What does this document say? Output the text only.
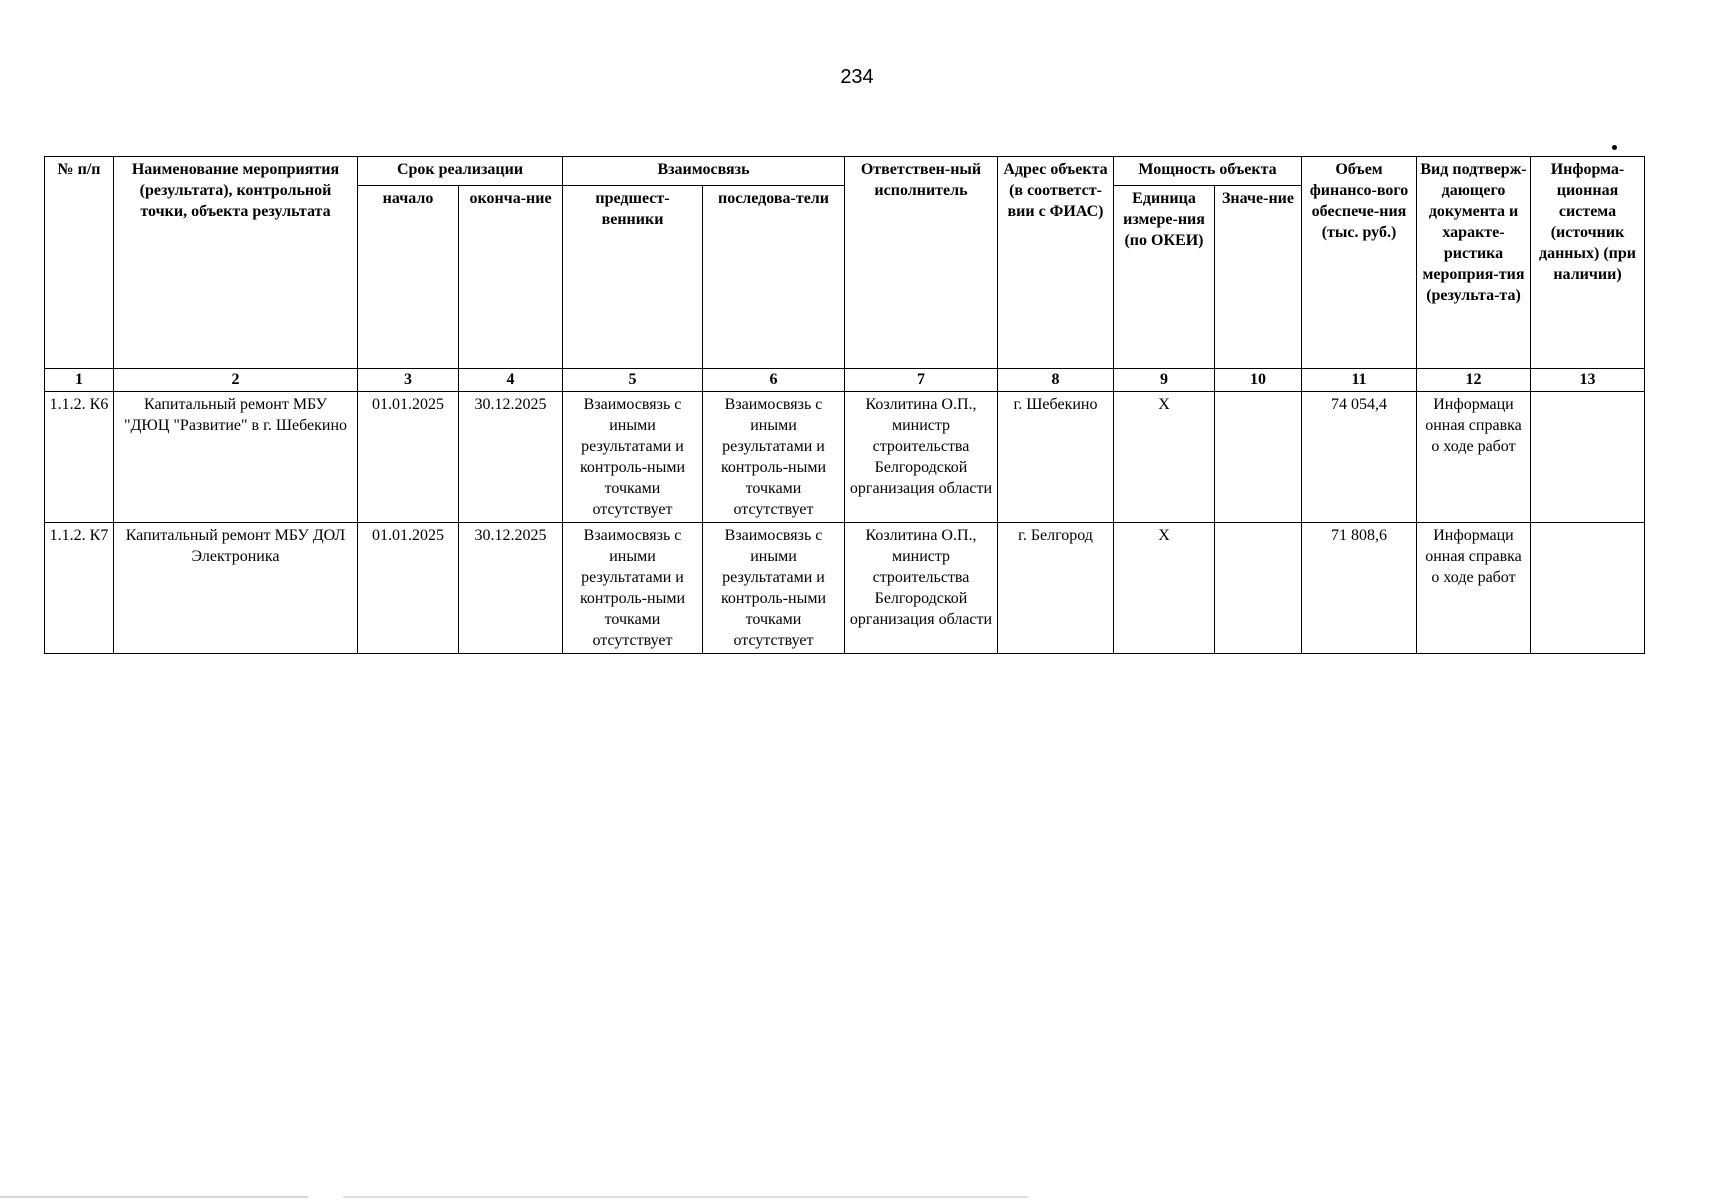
234
№ п/п	Наименование мероприятия (результата), контрольной точки, объекта результата	Срок реализации		Взаимосвязь		Ответствен-ный исполнитель	Адрес объекта (в соответст-вии с ФИАС)	Мощность объекта		Объем финансо-вого обеспече-ния (тыс. руб.)	Вид подтверж-дающего документа и характе-ристика мероприя-тия (результа-та)	Информа-ционная система (источник данных) (при наличии)
		начало	оконча-ние	предшест-венники	последова-тели			Единица измере-ния (по ОКЕИ)	Значе-ние			
1	2	3	4	5	6	7	8	9	10	11	12	13
1.1.2. К6	Капитальный ремонт МБУ "ДЮЦ "Развитие" в г. Шебекино	01.01.2025	30.12.2025	Взаимосвязь с иными результатами и контроль-ными точками отсутствует	Взаимосвязь с иными результатами и контроль-ными точками отсутствует	Козлитина О.П., министр строительства Белгородской организация области	г. Шебекино	Х		74 054,4	Информаци онная справка о ходе работ	
1.1.2. К7	Капитальный ремонт МБУ ДОЛ Электроника	01.01.2025	30.12.2025	Взаимосвязь с иными результатами и контроль-ными точками отсутствует	Взаимосвязь с иными результатами и контроль-ными точками отсутствует	Козлитина О.П., министр строительства Белгородской организация области	г. Белгород	Х		71 808,6	Информаци онная справка о ходе работ	
